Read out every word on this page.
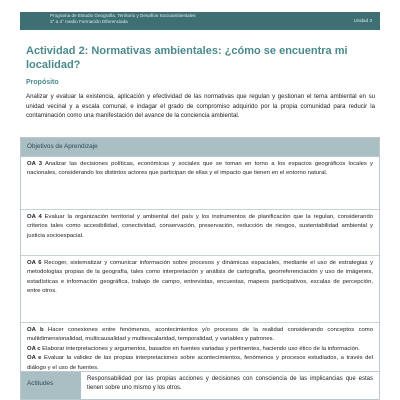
Programa de Estudio Geografía, Territorio y Desafíos Socioambientales
3° a 4° medio Formación Diferenciada	Unidad 3
Actividad 2: Normativas ambientales: ¿cómo se encuentra mi localidad?
Propósito
Analizar y evaluar la existencia, aplicación y efectividad de las normativas que regulan y gestionan el tema ambiental en su unidad vecinal y a escala comunal, e indagar el grado de compromiso adquirido por la propia comunidad para reducir la contaminación como una manifestación del avance de la conciencia ambiental.
Objetivos de Aprendizaje

OA 3 Analizar las decisiones políticas, económicas y sociales que se toman en torno a los espacios geográficos locales y nacionales, considerando los distintos actores que participan de ellas y el impacto que tienen en el entorno natural.

OA 4 Evaluar la organización territorial y ambiental del país y los instrumentos de planificación que la regulan, considerando criterios tales como accesibilidad, conectividad, conservación, preservación, reducción de riesgos, sustentabilidad ambiental y justicia socioespacial.

OA 6 Recoger, sistematizar y comunicar información sobre procesos y dinámicas espaciales, mediante el uso de estrategias y metodologías propias de la geografía, tales como interpretación y análisis de cartografía, georreferenciación y uso de imágenes, estadísticas e información geográfica, trabajo de campo, entrevistas, encuestas, mapeos participativos, escalas de percepción, entre otros.

OA b Hacer conexiones entre fenómenos, acontecimientos y/o procesos de la realidad considerando conceptos como multidimensionalidad, multicausalidad y multiescalaridad, temporalidad, y variables y patrones.

OA c Elaborar interpretaciones y argumentos, basados en fuentes variadas y pertinentes, haciendo uso ético de la información.

OA e Evaluar la validez de las propias interpretaciones sobre acontecimientos, fenómenos y procesos estudiados, a través del diálogo y el uso de fuentes.

Actitudes
Responsabilidad por las propias acciones y decisiones con consciencia de las implicancias que estas tienen sobre uno mismo y los otros.
